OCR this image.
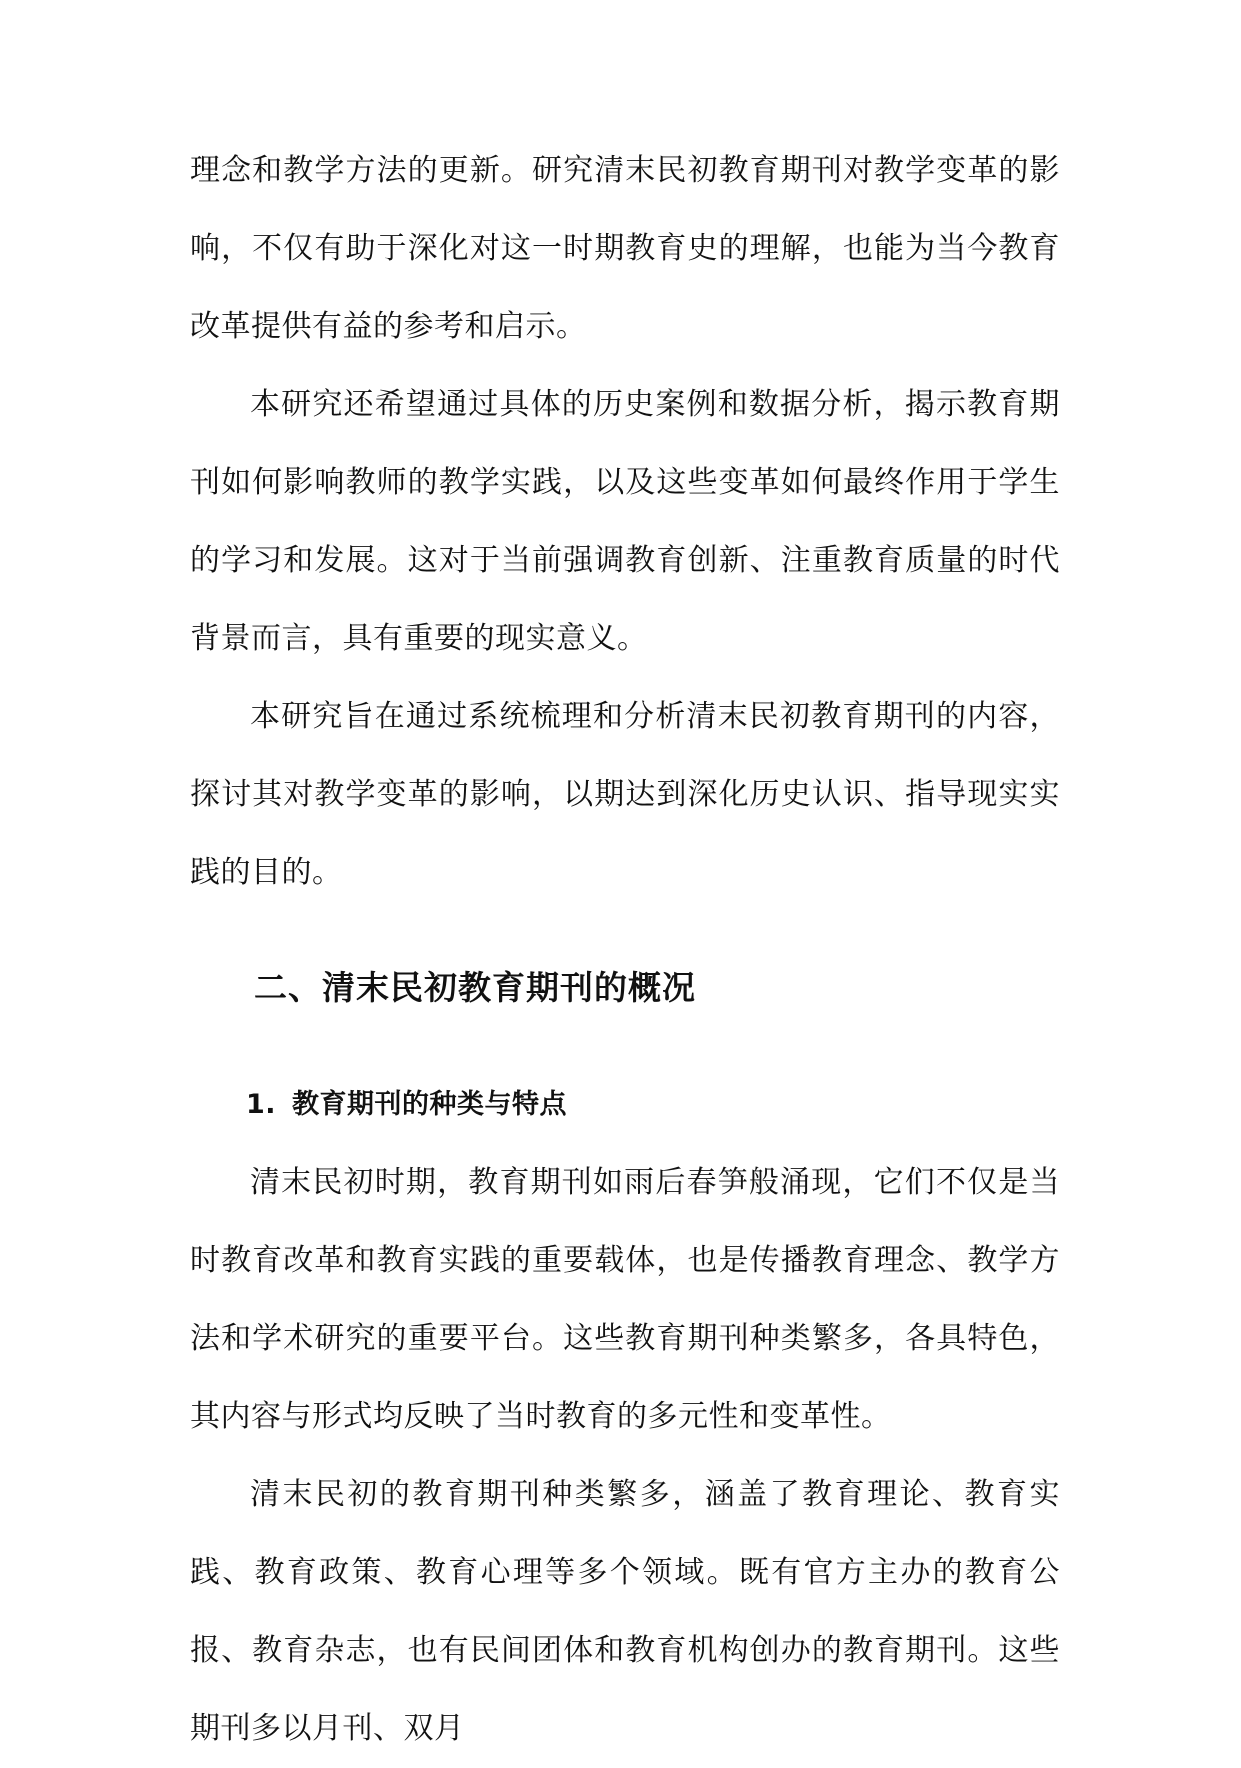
理念和教学方法的更新。研究清末民初教育期刊对教学变革的影响，不仅有助于深化对这一时期教育史的理解，也能为当今教育改革提供有益的参考和启示。

本研究还希望通过具体的历史案例和数据分析，揭示教育期刊如何影响教师的教学实践，以及这些变革如何最终作用于学生的学习和发展。这对于当前强调教育创新、注重教育质量的时代背景而言，具有重要的现实意义。

本研究旨在通过系统梳理和分析清末民初教育期刊的内容，探讨其对教学变革的影响，以期达到深化历史认识、指导现实实践的目的。

二、清末民初教育期刊的概况
1. 教育期刊的种类与特点

清末民初时期，教育期刊如雨后春笋般涌现，它们不仅是当时教育改革和教育实践的重要载体，也是传播教育理念、教学方法和学术研究的重要平台。这些教育期刊种类繁多，各具特色，其内容与形式均反映了当时教育的多元性和变革性。

清末民初的教育期刊种类繁多，涵盖了教育理论、教育实践、教育政策、教育心理等多个领域。既有官方主办的教育公报、教育杂志，也有民间团体和教育机构创办的教育期刊。这些期刊多以月刊、双月
